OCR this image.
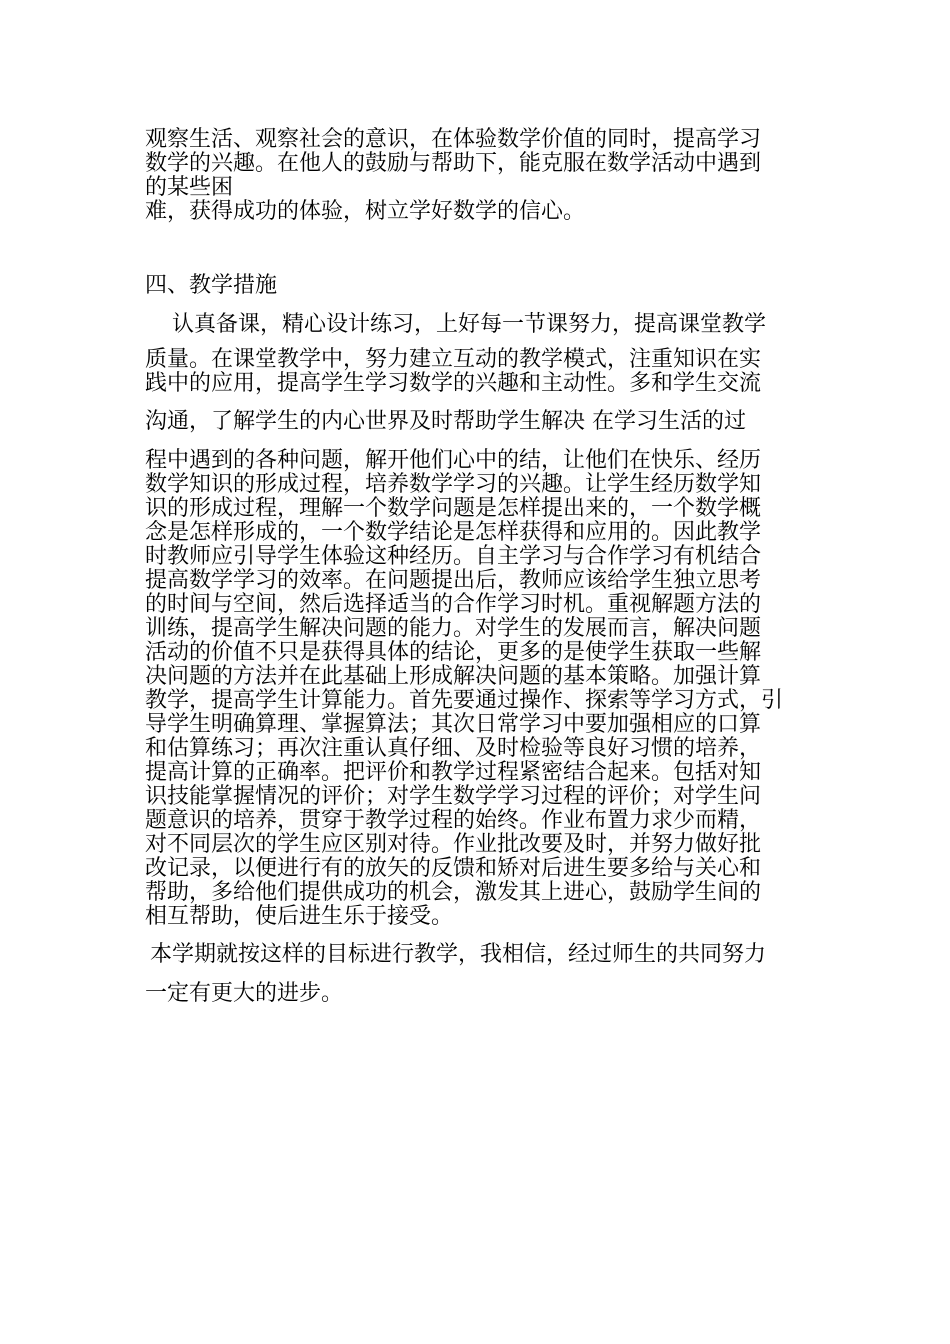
观察生活、观察社会的意识，在体验数学价值的同时，提高学习
数学的兴趣。在他人的鼓励与帮助下，能克服在数学活动中遇到
的某些困
难，获得成功的体验，树立学好数学的信心。
四、教学措施
认真备课，精心设计练习，上好每一节课努力，提高课堂教学
质量。在课堂教学中，努力建立互动的教学模式，注重知识在实
践中的应用，提高学生学习数学的兴趣和主动性。多和学生交流
沟通，了解学生的内心世界及时帮助学生解决 在学习生活的过
程中遇到的各种问题，解开他们心中的结，让他们在快乐、经历
数学知识的形成过程，培养数学学习的兴趣。让学生经历数学知
识的形成过程，理解一个数学问题是怎样提出来的，一个数学概
念是怎样形成的，一个数学结论是怎样获得和应用的。因此教学
时教师应引导学生体验这种经历。自主学习与合作学习有机结合
提高数学学习的效率。在问题提出后，教师应该给学生独立思考
的时间与空间，然后选择适当的合作学习时机。重视解题方法的
训练，提高学生解决问题的能力。对学生的发展而言，解决问题
活动的价值不只是获得具体的结论，更多的是使学生获取一些解
决问题的方法并在此基础上形成解决问题的基本策略。加强计算
教学，提高学生计算能力。首先要通过操作、探索等学习方式，引
导学生明确算理、掌握算法；其次日常学习中要加强相应的口算
和估算练习；再次注重认真仔细、及时检验等良好习惯的培养，
提高计算的正确率。把评价和教学过程紧密结合起来。包括对知
识技能掌握情况的评价；对学生数学学习过程的评价；对学生问
题意识的培养，贯穿于教学过程的始终。作业布置力求少而精，
对不同层次的学生应区别对待。作业批改要及时，并努力做好批
改记录，以便进行有的放矢的反馈和矫对后进生要多给与关心和
帮助，多给他们提供成功的机会，激发其上进心，鼓励学生间的
相互帮助，使后进生乐于接受。
本学期就按这样的目标进行教学，我相信，经过师生的共同努力
一定有更大的进步。
